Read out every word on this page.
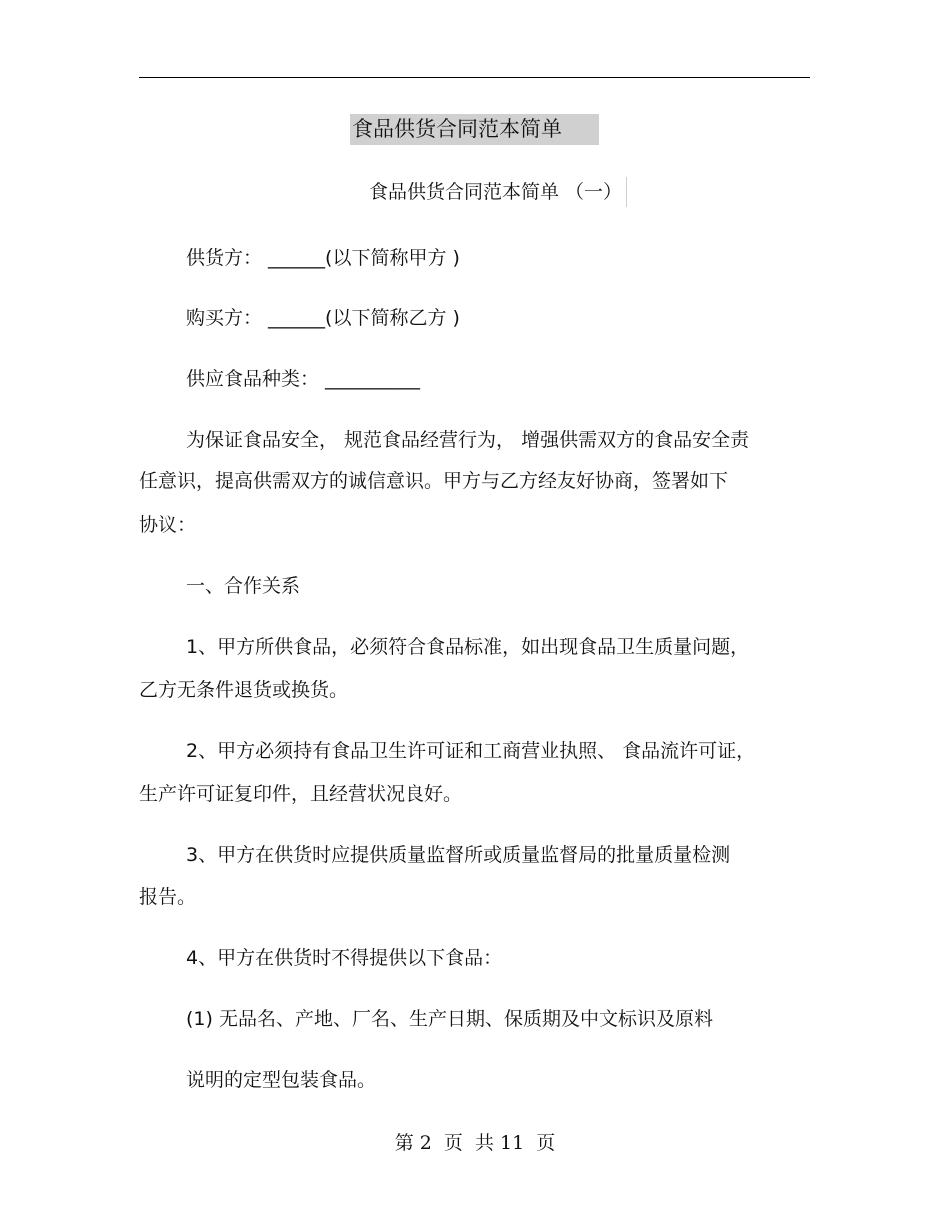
食品供货合同范本简单
食品供货合同范本简单 （一）
供货方： ______(以下简称甲方 )
购买方： ______(以下简称乙方 )
供应食品种类： __________
为保证食品安全， 规范食品经营行为， 增强供需双方的食品安全责
任意识，提高供需双方的诚信意识。甲方与乙方经友好协商，签署如下
协议：
一、合作关系
1、甲方所供食品，必须符合食品标准，如出现食品卫生质量问题，
乙方无条件退货或换货。
2、甲方必须持有食品卫生许可证和工商营业执照、 食品流许可证，
生产许可证复印件，且经营状况良好。
3、甲方在供货时应提供质量监督所或质量监督局的批量质量检测
报告。
4、甲方在供货时不得提供以下食品：
(1) 无品名、产地、厂名、生产日期、保质期及中文标识及原料
说明的定型包装食品。
第 2  页  共 11  页
